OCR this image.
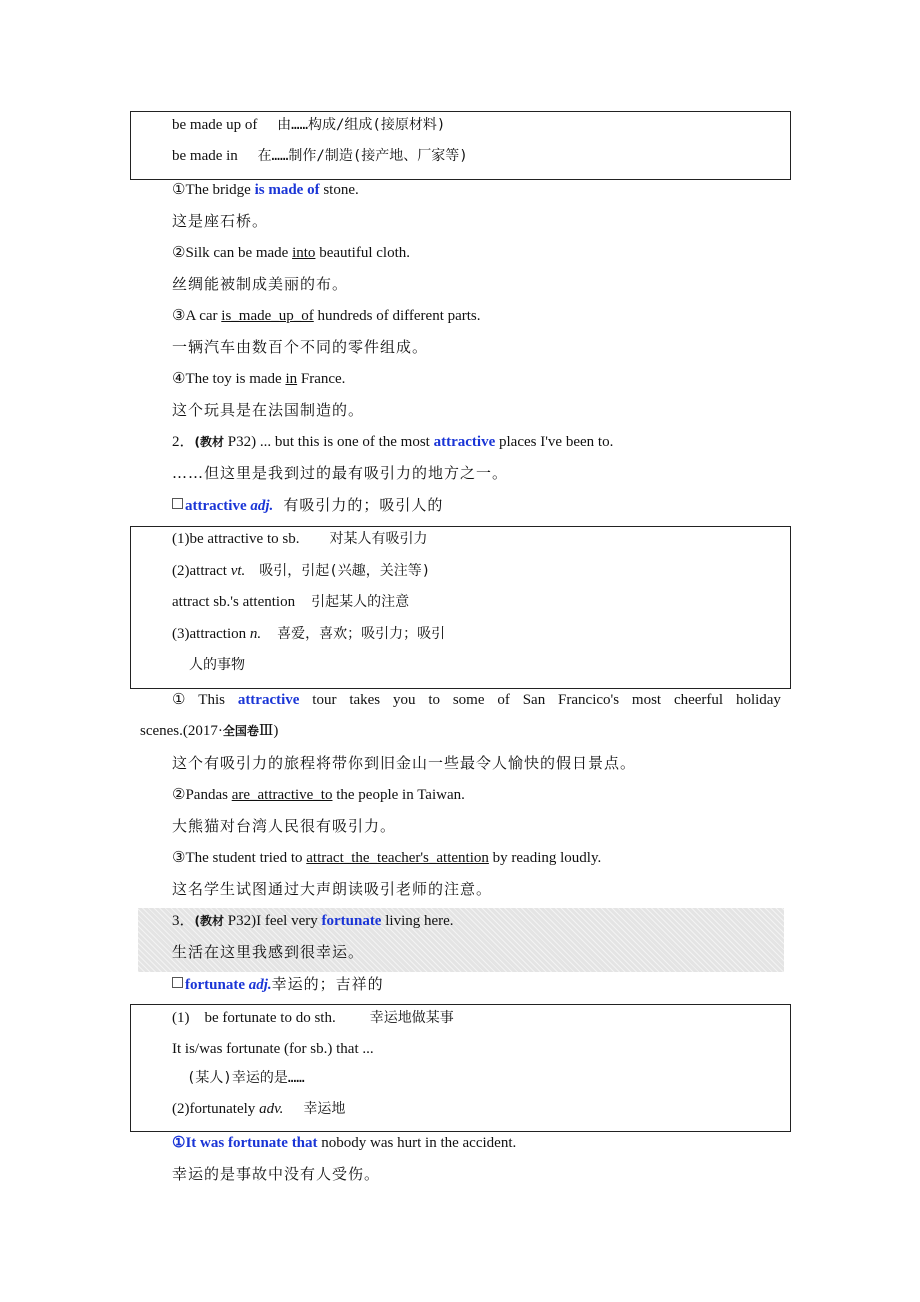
be made up of 由……构成/组成(接原材料)
be made in 在……制作/制造(接产地、厂家等)
①The bridge is made of stone.
这是座石桥。
②Silk can be made into beautiful cloth.
丝绸能被制成美丽的布。
③A car is_made_up_of hundreds of different parts.
一辆汽车由数百个不同的零件组成。
④The toy is made in France.
这个玩具是在法国制造的。
2．(教材 P32) ... but this is one of the most attractive places I've been to.
……但这里是我到过的最有吸引力的地方之一。
attractive adj. 有吸引力的；吸引人的
(1)be attractive to sb. 对某人有吸引力
(2)attract vt. 吸引，引起(兴趣，关注等)
attract sb.'s attention 引起某人的注意
(3)attraction n. 喜爱，喜欢；吸引力；吸引
人的事物
① This attractive tour takes you to some of San Francico's most cheerful holiday
scenes.(2017·全国卷Ⅲ)
这个有吸引力的旅程将带你到旧金山一些最令人愉快的假日景点。
②Pandas are_attractive_to the people in Taiwan.
大熊猫对台湾人民很有吸引力。
③The student tried to attract_the_teacher's_attention by reading loudly.
这名学生试图通过大声朗读吸引老师的注意。
3．(教材 P32)I feel very fortunate living here.
生活在这里我感到很幸运。
fortunate adj.幸运的；吉祥的
(1)　be fortunate to do sth. 幸运地做某事
It is/was fortunate (for sb.) that ...
(某人)幸运的是……
(2)fortunately adv. 幸运地
①It was fortunate that nobody was hurt in the accident.
幸运的是事故中没有人受伤。
